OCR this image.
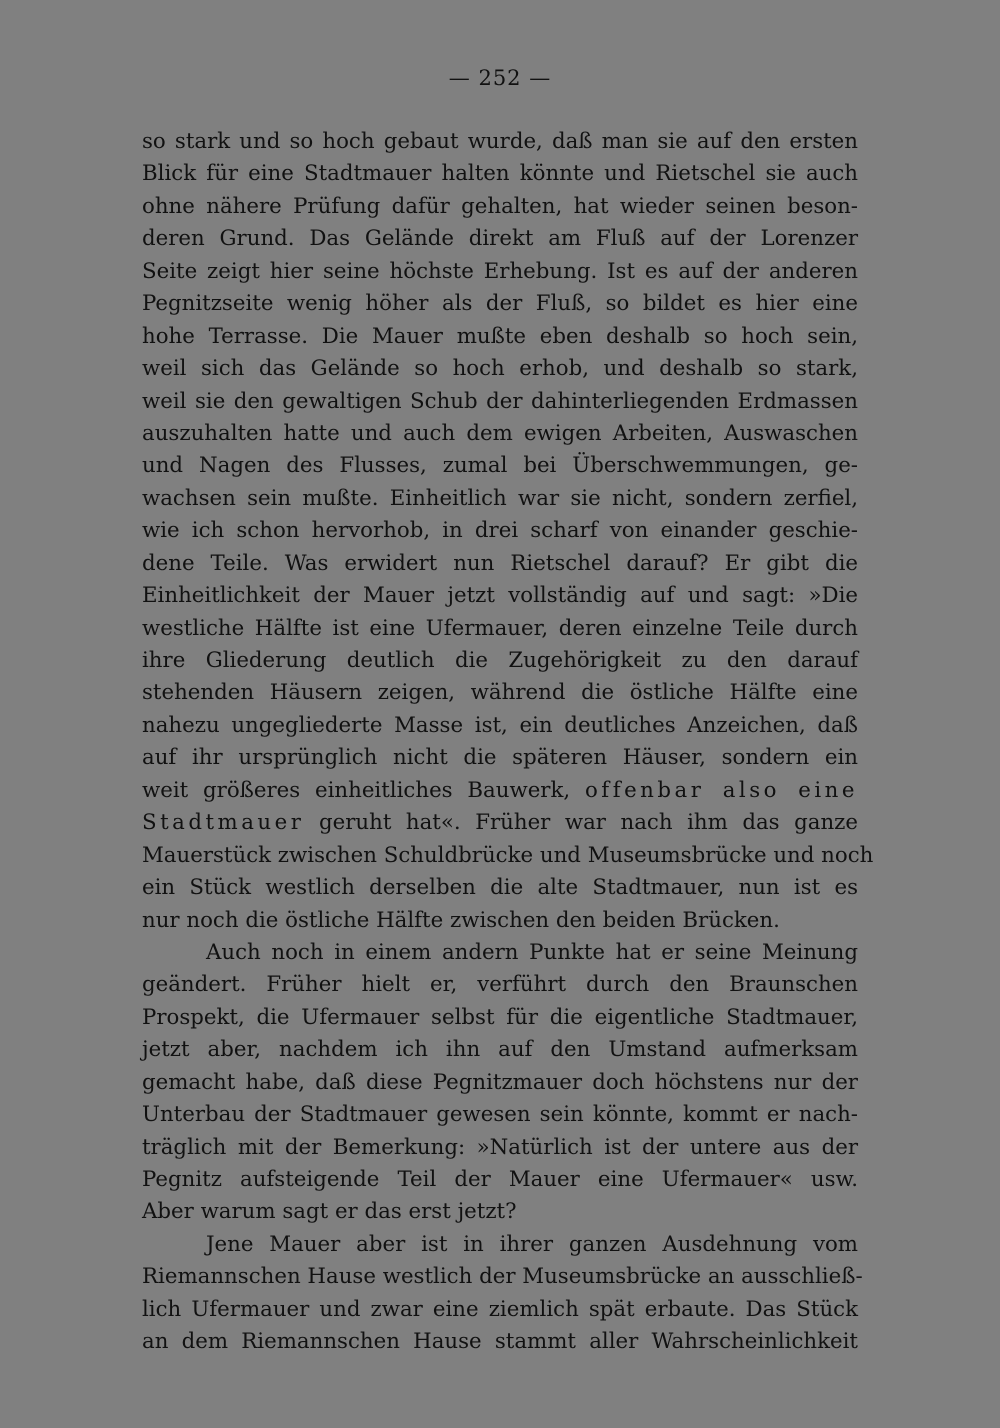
— 252 —
so stark und so hoch gebaut wurde, daß man sie auf den ersten
Blick für eine Stadtmauer halten könnte und Rietschel sie auch
ohne nähere Prüfung dafür gehalten, hat wieder seinen beson-
deren Grund. Das Gelände direkt am Fluß auf der Lorenzer
Seite zeigt hier seine höchste Erhebung. Ist es auf der anderen
Pegnitzseite wenig höher als der Fluß, so bildet es hier eine
hohe Terrasse. Die Mauer mußte eben deshalb so hoch sein,
weil sich das Gelände so hoch erhob, und deshalb so stark,
weil sie den gewaltigen Schub der dahinterliegenden Erdmassen
auszuhalten hatte und auch dem ewigen Arbeiten, Auswaschen
und Nagen des Flusses, zumal bei Überschwemmungen, ge-
wachsen sein mußte. Einheitlich war sie nicht, sondern zerfiel,
wie ich schon hervorhob, in drei scharf von einander geschie-
dene Teile. Was erwidert nun Rietschel darauf? Er gibt die
Einheitlichkeit der Mauer jetzt vollständig auf und sagt: »Die
westliche Hälfte ist eine Ufermauer, deren einzelne Teile durch
ihre Gliederung deutlich die Zugehörigkeit zu den darauf
stehenden Häusern zeigen, während die östliche Hälfte eine
nahezu ungegliederte Masse ist, ein deutliches Anzeichen, daß
auf ihr ursprünglich nicht die späteren Häuser, sondern ein
weit größeres einheitliches Bauwerk, offenbar also eine
Stadtmauer geruht hat«. Früher war nach ihm das ganze
Mauerstück zwischen Schuldbrücke und Museumsbrücke und noch
ein Stück westlich derselben die alte Stadtmauer, nun ist es
nur noch die östliche Hälfte zwischen den beiden Brücken.
Auch noch in einem andern Punkte hat er seine Meinung
geändert. Früher hielt er, verführt durch den Braunschen
Prospekt, die Ufermauer selbst für die eigentliche Stadtmauer,
jetzt aber, nachdem ich ihn auf den Umstand aufmerksam
gemacht habe, daß diese Pegnitzmauer doch höchstens nur der
Unterbau der Stadtmauer gewesen sein könnte, kommt er nach-
träglich mit der Bemerkung: »Natürlich ist der untere aus der
Pegnitz aufsteigende Teil der Mauer eine Ufermauer« usw.
Aber warum sagt er das erst jetzt?
Jene Mauer aber ist in ihrer ganzen Ausdehnung vom
Riemannschen Hause westlich der Museumsbrücke an ausschließ-
lich Ufermauer und zwar eine ziemlich spät erbaute. Das Stück
an dem Riemannschen Hause stammt aller Wahrscheinlichkeit
